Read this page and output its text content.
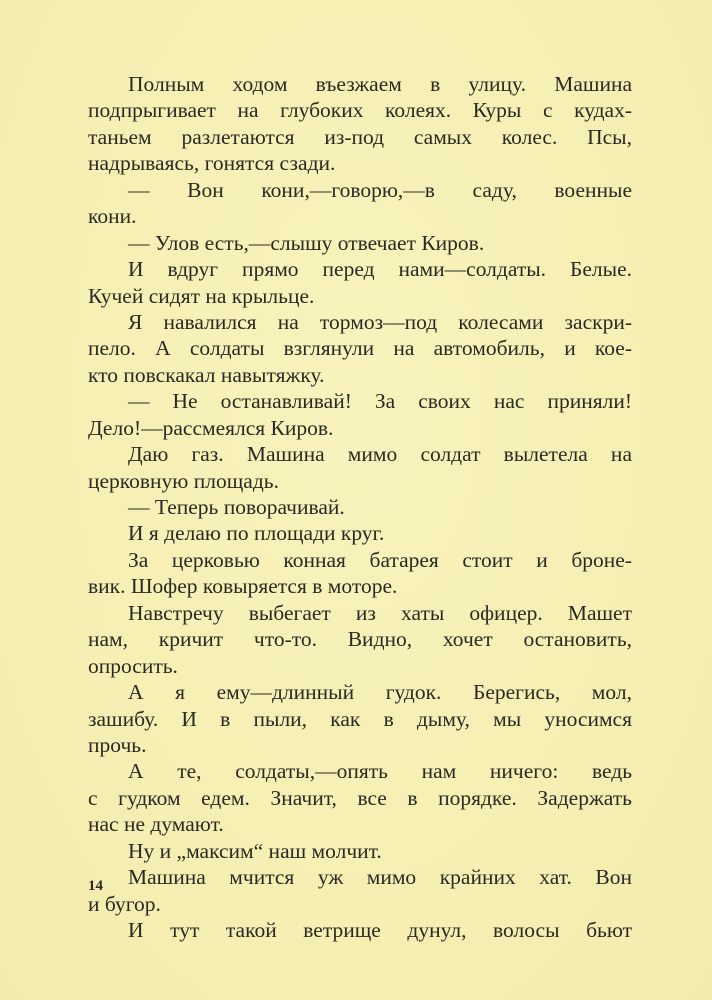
Полным ходом въезжаем в улицу. Машина
подпрыгивает на глубоких колеях. Куры с кудах-
таньем разлетаются из-под самых колес. Псы,
надрываясь, гонятся сзади.
— Вон кони,—говорю,—в саду, военные
кони.
— Улов есть,—слышу отвечает Киров.
И вдруг прямо перед нами—солдаты. Белые.
Кучей сидят на крыльце.
Я навалился на тормоз—под колесами заскри-
пело. А солдаты взглянули на автомобиль, и кое-
кто повскакал навытяжку.
— Не останавливай! За своих нас приняли!
Дело!—рассмеялся Киров.
Даю газ. Машина мимо солдат вылетела на
церковную площадь.
— Теперь поворачивай.
И я делаю по площади круг.
За церковью конная батарея стоит и броне-
вик. Шофер ковыряется в моторе.
Навстречу выбегает из хаты офицер. Машет
нам, кричит что-то. Видно, хочет остановить,
опросить.
А я ему—длинный гудок. Берегись, мол,
зашибу. И в пыли, как в дыму, мы уносимся
прочь.
А те, солдаты,—опять нам ничего: ведь
с гудком едем. Значит, все в порядке. Задержать
нас не думают.
Ну и „максим“ наш молчит.
Машина мчится уж мимо крайних хат. Вон
и бугор.
И тут такой ветрище дунул, волосы бьют
14
